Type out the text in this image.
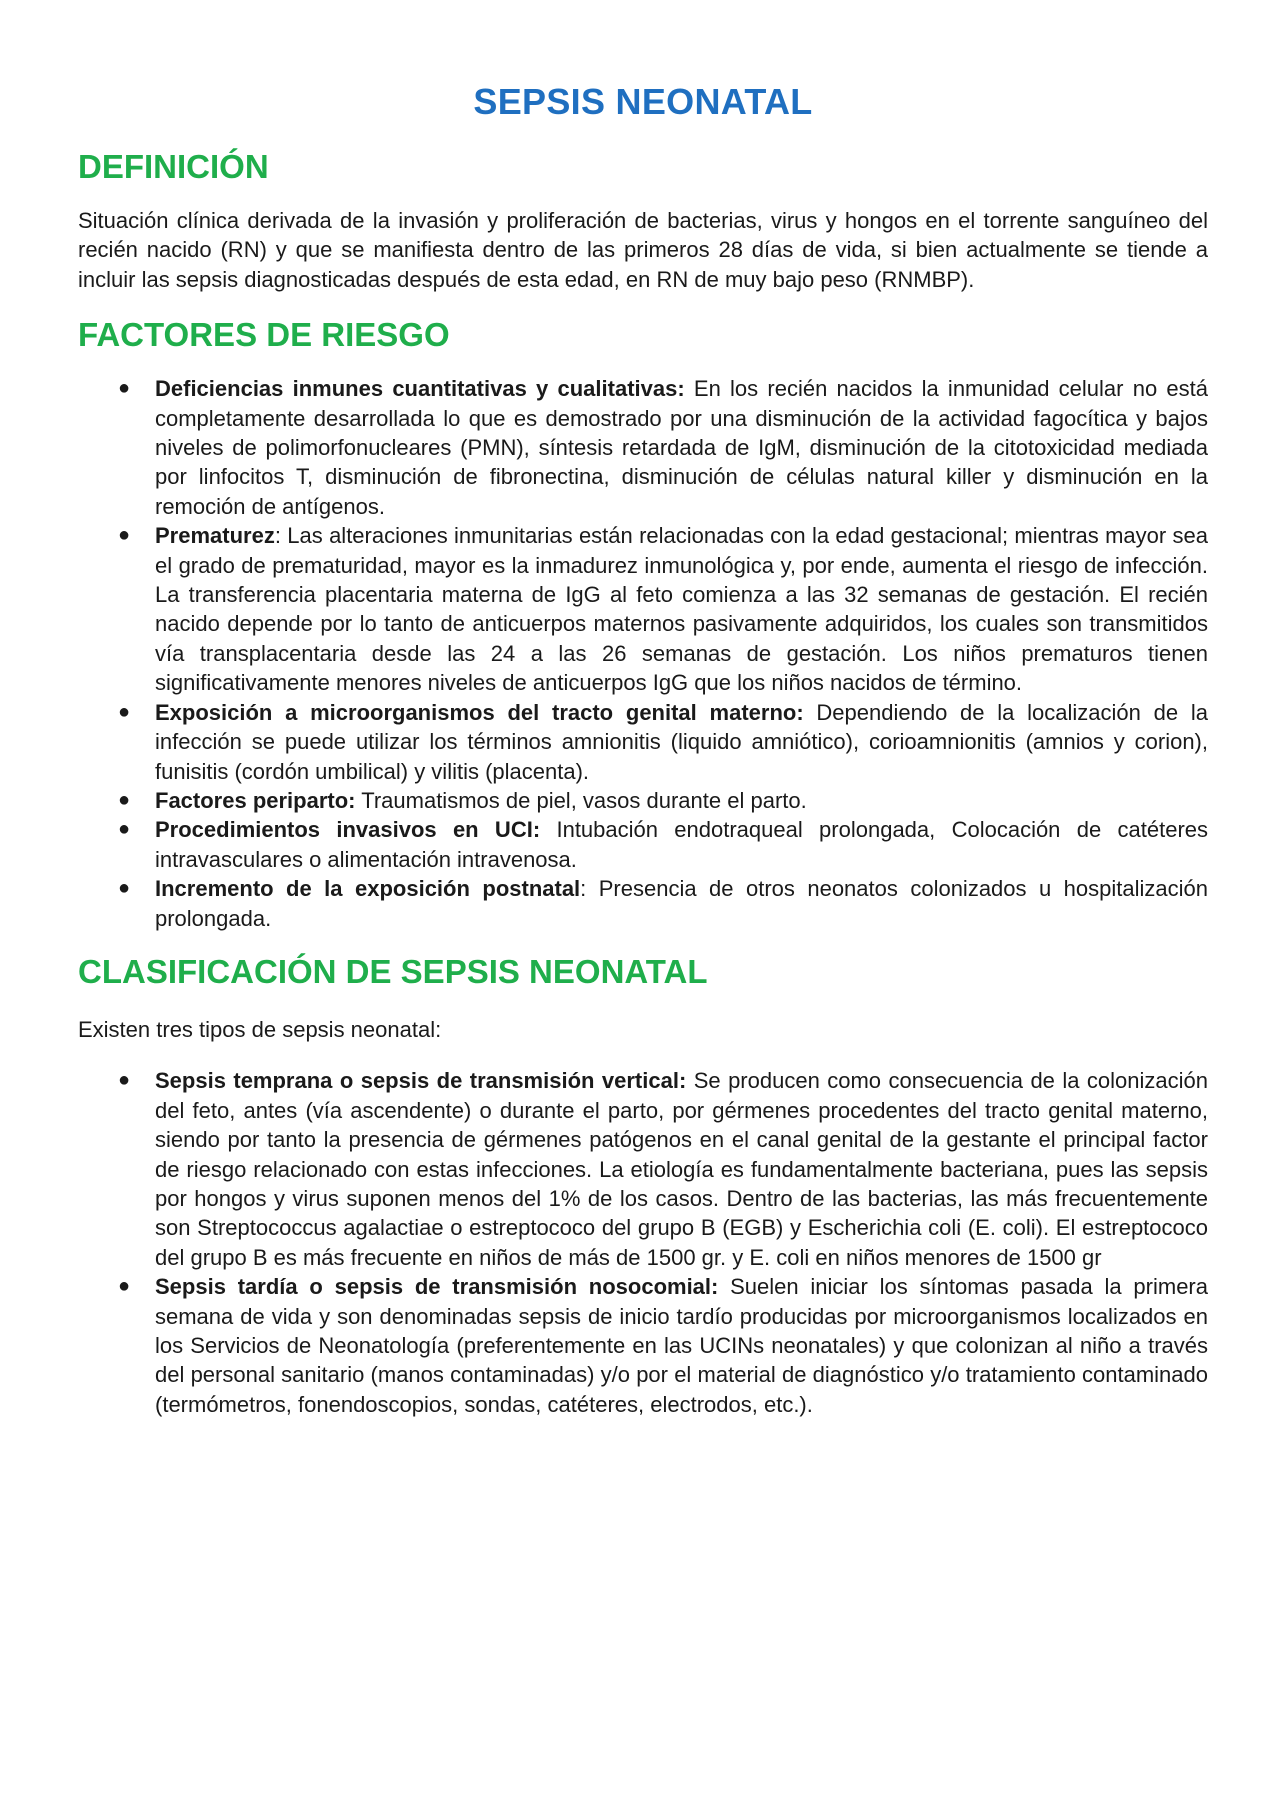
SEPSIS NEONATAL
DEFINICIÓN

Situación clínica derivada de la invasión y proliferación de bacterias, virus y hongos en el torrente sanguíneo del recién nacido (RN) y que se manifiesta dentro de las primeros 28 días de vida, si bien actualmente se tiende a incluir las sepsis diagnosticadas después de esta edad, en RN de muy bajo peso (RNMBP).

FACTORES DE RIESGO
● Deficiencias inmunes cuantitativas y cualitativas: En los recién nacidos la inmunidad celular no está completamente desarrollada lo que es demostrado por una disminución de la actividad fagocítica y bajos niveles de polimorfonucleares (PMN), síntesis retardada de IgM, disminución de la citotoxicidad mediada por linfocitos T, disminución de fibronectina, disminución de células natural killer y disminución en la remoción de antígenos.
● Prematurez: Las alteraciones inmunitarias están relacionadas con la edad gestacional; mientras mayor sea el grado de prematuridad, mayor es la inmadurez inmunológica y, por ende, aumenta el riesgo de infección. La transferencia placentaria materna de IgG al feto comienza a las 32 semanas de gestación. El recién nacido depende por lo tanto de anticuerpos maternos pasivamente adquiridos, los cuales son transmitidos vía transplacentaria desde las 24 a las 26 semanas de gestación. Los niños prematuros tienen significativamente menores niveles de anticuerpos IgG que los niños nacidos de término.
● Exposición a microorganismos del tracto genital materno: Dependiendo de la localización de la infección se puede utilizar los términos amnionitis (liquido amniótico), corioamnionitis (amnios y corion), funisitis (cordón umbilical) y vilitis (placenta).
● Factores periparto: Traumatismos de piel, vasos durante el parto.
● Procedimientos invasivos en UCI: Intubación endotraqueal prolongada, Colocación de catéteres intravasculares o alimentación intravenosa.
● Incremento de la exposición postnatal: Presencia de otros neonatos colonizados u hospitalización prolongada.
CLASIFICACIÓN DE SEPSIS NEONATAL

Existen tres tipos de sepsis neonatal:

● Sepsis temprana o sepsis de transmisión vertical: Se producen como consecuencia de la colonización del feto, antes (vía ascendente) o durante el parto, por gérmenes procedentes del tracto genital materno, siendo por tanto la presencia de gérmenes patógenos en el canal genital de la gestante el principal factor de riesgo relacionado con estas infecciones. La etiología es fundamentalmente bacteriana, pues las sepsis por hongos y virus suponen menos del 1% de los casos. Dentro de las bacterias, las más frecuentemente son Streptococcus agalactiae o estreptococo del grupo B (EGB) y Escherichia coli (E. coli). El estreptococo del grupo B es más frecuente en niños de más de 1500 gr. y E. coli en niños menores de 1500 gr
● Sepsis tardía o sepsis de transmisión nosocomial: Suelen iniciar los síntomas pasada la primera semana de vida y son denominadas sepsis de inicio tardío producidas por microorganismos localizados en los Servicios de Neonatología (preferentemente en las UCINs neonatales) y que colonizan al niño a través del personal sanitario (manos contaminadas) y/o por el material de diagnóstico y/o tratamiento contaminado (termómetros, fonendoscopios, sondas, catéteres, electrodos, etc.).
